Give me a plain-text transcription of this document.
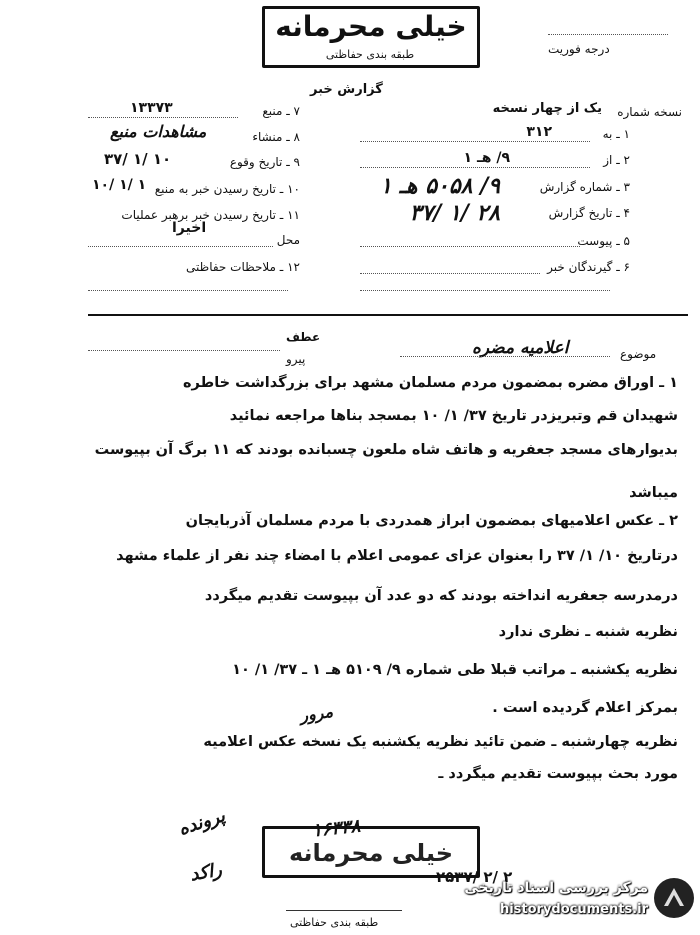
خیلی محرمانه
طبقه بندی حفاظتی	درجه فوریت
گزارش خبر
نسخه شماره
یک از چهار نسخه
۱ ـ به
۳۱۲
۲ ـ از
۹/ هـ ۱
۳ ـ شماره گزارش
۹/ ۵۰۵۸ هـ ۱
۴ ـ تاریخ گزارش
۳۷/ ۱/ ۲۸
۵ ـ پیوست
۶ ـ گیرندگان خبر
۷ ـ منبع
۱۳۳۷۳
۸ ـ منشاء
مشاهدات منبع
۹ ـ تاریخ وقوع
۳۷/ ۱/ ۱۰
۱۰ ـ تاریخ رسیدن خبر به منبع
۱۰/ ۱/ ۱
۱۱ ـ تاریخ رسیدن خبر برهبر عملیات
محل
اخیرا
۱۲ ـ ملاحظات حفاظتی
موضوع
اعلامیه مضره
عطف
پیرو
۱ ـ اوراق مضره بمضمون مردم مسلمان مشهد برای بزرگداشت خاطره
شهیدان قم وتبریزدر تاریخ ۳۷/ ۱/ ۱۰ بمسجد بناها مراجعه نمائید
بدیوارهای مسجد جعفریه و هاتف شاه ملعون چسبانده بودند که ۱۱ برگ آن بپیوست
میباشد
۲ ـ عکس اعلامیهای بمضمون ابراز همدردی با مردم مسلمان آذربایجان
درتاریخ ۱۰/ ۱/ ۳۷ را بعنوان عزای عمومی اعلام با امضاء چند نفر از علماء مشهد
درمدرسه جعفریه انداخته بودند که دو عدد آن بپیوست تقدیم میگردد
نظریه شنبه ـ نظری ندارد
نظریه یکشنبه ـ مراتب قبلا طی شماره ۹/ ۵۱۰۹ هـ ۱ ـ ۳۷/ ۱/ ۱۰
بمرکز اعلام گردیده است .
نظریه چهارشنبه ـ ضمن تائید نظریه یکشنبه یک نسخه عکس اعلامیه
مورد بحث بپیوست تقدیم میگردد ـ
پرونده
مرور
راکد
خیلی محرمانه
۱۶۳۳۸
۲۵۳۷/ ۲/ ۲
طبقه بندی حفاظتی
مرکز بررسی اسناد تاریخی
historydocuments.ir
